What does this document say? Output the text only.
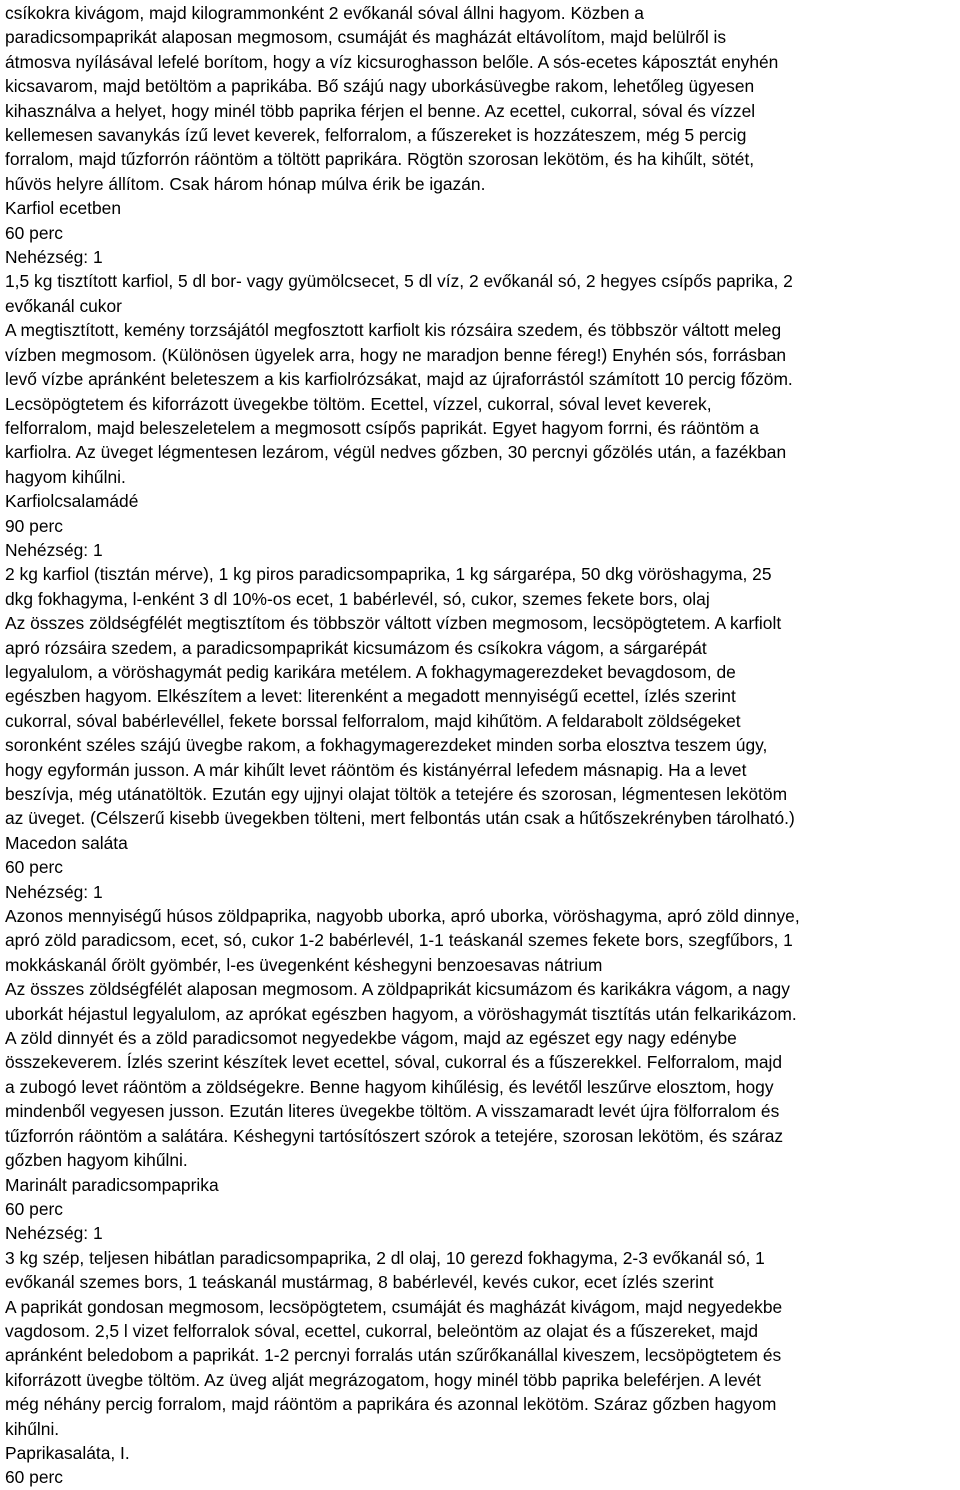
csíkokra kivágom, majd kilogrammonként 2 evőkanál sóval állni hagyom. Közben a
paradicsompaprikát alaposan megmosom, csumáját és magházát eltávolítom, majd belülről is
átmosva nyílásával lefelé borítom, hogy a víz kicsuroghasson belőle. A sós-ecetes káposztát enyhén
kicsavarom, majd betöltöm a paprikába. Bő szájú nagy uborkásüvegbe rakom, lehetőleg ügyesen
kihasználva a helyet, hogy minél több paprika férjen el benne. Az ecettel, cukorral, sóval és vízzel
kellemesen savanykás ízű levet keverek, felforralom, a fűszereket is hozzáteszem, még 5 percig
forralom, majd tűzforrón ráöntöm a töltött paprikára. Rögtön szorosan lekötöm, és ha kihűlt, sötét,
hűvös helyre állítom. Csak három hónap múlva érik be igazán.
Karfiol ecetben
60 perc
Nehézség: 1
1,5 kg tisztított karfiol, 5 dl bor- vagy gyümölcsecet, 5 dl víz, 2 evőkanál só, 2 hegyes csípős paprika, 2
evőkanál cukor
A megtisztított, kemény torzsájától megfosztott karfiolt kis rózsáira szedem, és többször váltott meleg
vízben megmosom. (Különösen ügyelek arra, hogy ne maradjon benne féreg!) Enyhén sós, forrásban
levő vízbe apránként beleteszem a kis karfiolrózsákat, majd az újraforrástól számított 10 percig főzöm.
Lecsöpögtetem és kiforrázott üvegekbe töltöm. Ecettel, vízzel, cukorral, sóval levet keverek,
felforralom, majd beleszeletelem a megmosott csípős paprikát. Egyet hagyom forrni, és ráöntöm a
karfiolra. Az üveget légmentesen lezárom, végül nedves gőzben, 30 percnyi gőzölés után, a fazékban
hagyom kihűlni.
Karfiolcsalamádé
90 perc
Nehézség: 1
2 kg karfiol (tisztán mérve), 1 kg piros paradicsompaprika, 1 kg sárgarépa, 50 dkg vöröshagyma, 25
dkg fokhagyma, l-enként 3 dl 10%-os ecet, 1 babérlevél, só, cukor, szemes fekete bors, olaj
Az összes zöldségfélét megtisztítom és többször váltott vízben megmosom, lecsöpögtetem. A karfiolt
apró rózsáira szedem, a paradicsompaprikát kicsumázom és csíkokra vágom, a sárgarépát
legyalulom, a vöröshagymát pedig karikára metélem. A fokhagymagerezdeket bevagdosom, de
egészben hagyom. Elkészítem a levet: literenként a megadott mennyiségű ecettel, ízlés szerint
cukorral, sóval babérlevéllel, fekete borssal felforralom, majd kihűtöm. A feldarabolt zöldségeket
soronként széles szájú üvegbe rakom, a fokhagymagerezdeket minden sorba elosztva teszem úgy,
hogy egyformán jusson. A már kihűlt levet ráöntöm és kistányérral lefedem másnapig. Ha a levet
beszívja, még utánatöltök. Ezután egy ujjnyi olajat töltök a tetejére és szorosan, légmentesen lekötöm
az üveget. (Célszerű kisebb üvegekben tölteni, mert felbontás után csak a hűtőszekrényben tárolható.)
Macedon saláta
60 perc
Nehézség: 1
Azonos mennyiségű húsos zöldpaprika, nagyobb uborka, apró uborka, vöröshagyma, apró zöld dinnye,
apró zöld paradicsom, ecet, só, cukor 1-2 babérlevél, 1-1 teáskanál szemes fekete bors, szegfűbors, 1
mokkáskanál őrölt gyömbér, l-es üvegenként késhegyni benzoesavas nátrium
Az összes zöldségfélét alaposan megmosom. A zöldpaprikát kicsumázom és karikákra vágom, a nagy
uborkát héjastul legyalulom, az aprókat egészben hagyom, a vöröshagymát tisztítás után felkarikázom.
A zöld dinnyét és a zöld paradicsomot negyedekbe vágom, majd az egészet egy nagy edénybe
összekeverem. Ízlés szerint készítek levet ecettel, sóval, cukorral és a fűszerekkel. Felforralom, majd
a zubogó levet ráöntöm a zöldségekre. Benne hagyom kihűlésig, és levétől leszűrve elosztom, hogy
mindenből vegyesen jusson. Ezután literes üvegekbe töltöm. A visszamaradt levét újra fölforralom és
tűzforrón ráöntöm a salátára. Késhegyni tartósítószert szórok a tetejére, szorosan lekötöm, és száraz
gőzben hagyom kihűlni.
Marinált paradicsompaprika
60 perc
Nehézség: 1
3 kg szép, teljesen hibátlan paradicsompaprika, 2 dl olaj, 10 gerezd fokhagyma, 2-3 evőkanál só, 1
evőkanál szemes bors, 1 teáskanál mustármag, 8 babérlevél, kevés cukor, ecet ízlés szerint
A paprikát gondosan megmosom, lecsöpögtetem, csumáját és magházát kivágom, majd negyedekbe
vagdosom. 2,5 l vizet felforralok sóval, ecettel, cukorral, beleöntöm az olajat és a fűszereket, majd
apránként beledobom a paprikát. 1-2 percnyi forralás után szűrőkanállal kiveszem, lecsöpögtetem és
kiforrázott üvegbe töltöm. Az üveg alját megrázogatom, hogy minél több paprika beleférjen. A levét
még néhány percig forralom, majd ráöntöm a paprikára és azonnal lekötöm. Száraz gőzben hagyom
kihűlni.
Paprikasaláta, I.
60 perc
